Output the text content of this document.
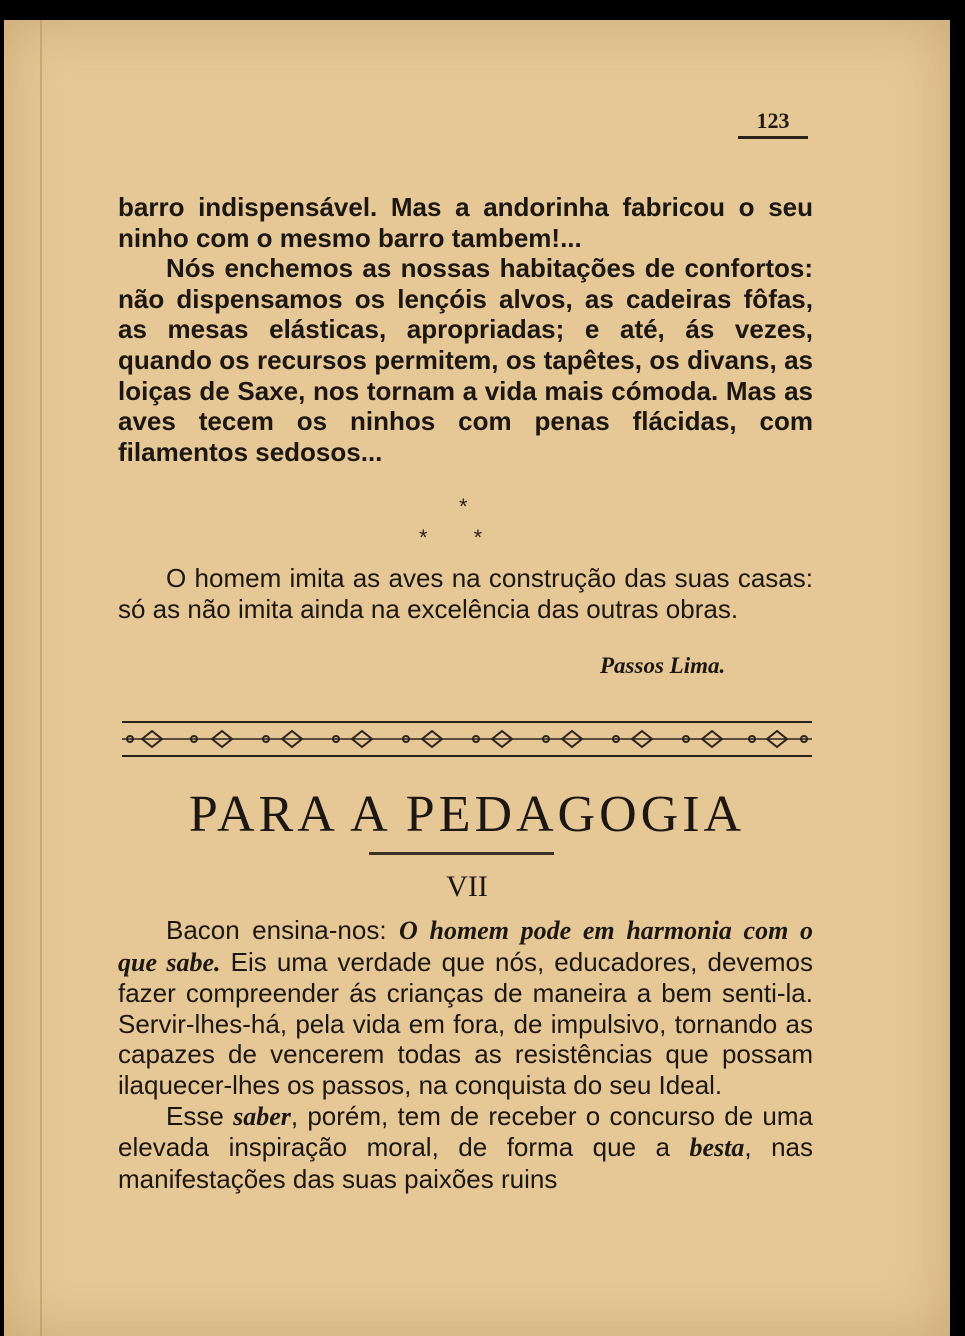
123

barro indispensável. Mas a andorinha fabricou o seu ninho com o mesmo barro tambem!...

Nós enchemos as nossas habitações de confortos: não dispensamos os lençóis alvos, as cadeiras fôfas, as mesas elásticas, apropriadas; e até, ás vezes, quando os recursos permitem, os tapêtes, os divans, as loiças de Saxe, nos tornam a vida mais cómoda. Mas as aves tecem os ninhos com penas flácidas, com filamentos sedosos...

*
* *

O homem imita as aves na construção das suas casas: só as não imita ainda na excelência das outras obras.

Passos Lima.
PARA A PEDAGOGIA
VII

Bacon ensina-nos: O homem pode em harmonia com o que sabe. Eis uma verdade que nós, educadores, devemos fazer compreender ás crianças de maneira a bem senti-la. Servir-lhes-há, pela vida em fora, de impulsivo, tornando as capazes de vencerem todas as resistências que possam ilaquecer-lhes os passos, na conquista do seu Ideal.

Esse saber, porém, tem de receber o concurso de uma elevada inspiração moral, de forma que a besta, nas manifestações das suas paixões ruins
